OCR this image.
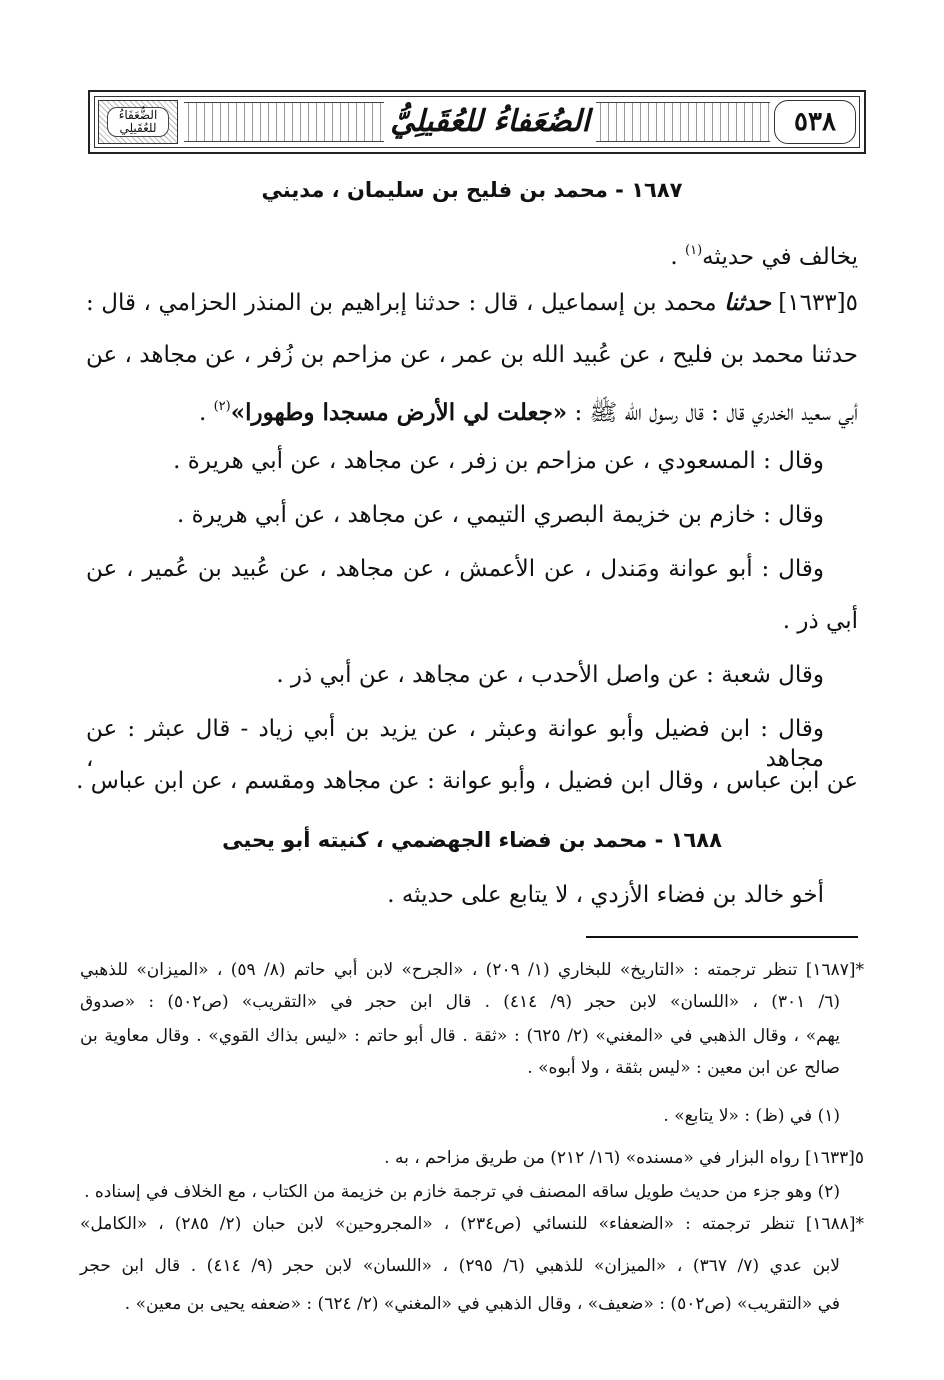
الضُّعَفَاءُ للعُقَيلِي	الضُعَفاءُ للعُقَيلِيُّ	٥٣٨
١٦٨٧ - محمد بن فليح بن سليمان ، مديني
يخالف في حديثه$^{(١)}$ .
٥[١٦٣٣] حدثنا محمد بن إسماعيل ، قال : حدثنا إبراهيم بن المنذر الحزامي ، قال :
حدثنا محمد بن فليح ، عن عُبيد الله بن عمر ، عن مزاحم بن زُفر ، عن مجاهد ، عن
أبي سعيد الخدري قال : قال رسول الله ﷺ : «جعلت لي الأرض مسجدا وطهورا»$^{(٢)}$ .
وقال : المسعودي ، عن مزاحم بن زفر ، عن مجاهد ، عن أبي هريرة .
وقال : خازم بن خزيمة البصري التيمي ، عن مجاهد ، عن أبي هريرة .
وقال : أبو عوانة ومَندل ، عن الأعمش ، عن مجاهد ، عن عُبيد بن عُمير ، عن
أبي ذر .
وقال شعبة : عن واصل الأحدب ، عن مجاهد ، عن أبي ذر .
وقال : ابن فضيل وأبو عوانة وعبثر ، عن يزيد بن أبي زياد - قال عبثر : عن مجاهد ،
عن ابن عباس ، وقال ابن فضيل ، وأبو عوانة : عن مجاهد ومقسم ، عن ابن عباس .
١٦٨٨ - محمد بن فضاء الجهضمي ، كنيته أبو يحيى
أخو خالد بن فضاء الأزدي ، لا يتابع على حديثه .
*[١٦٨٧] تنظر ترجمته : «التاريخ» للبخاري (١/ ٢٠٩) ، «الجرح» لابن أبي حاتم (٨/ ٥٩) ، «الميزان» للذهبي
(٦/ ٣٠١) ، «اللسان» لابن حجر (٩/ ٤١٤) . قال ابن حجر في «التقريب» (ص٥٠٢) : «صدوق
يهم» ، وقال الذهبي في «المغني» (٢/ ٦٢٥) : «ثقة . قال أبو حاتم : «ليس بذاك القوي» . وقال معاوية بن
صالح عن ابن معين : «ليس بثقة ، ولا أبوه» .
(١) في (ظ) : «لا يتابع» .
٥[١٦٣٣] رواه البزار في «مسنده» (١٦/ ٢١٢) من طريق مزاحم ، به .
(٢) وهو جزء من حديث طويل ساقه المصنف في ترجمة خازم بن خزيمة من الكتاب ، مع الخلاف في إسناده .
*[١٦٨٨] تنظر ترجمته : «الضعفاء» للنسائي (ص٢٣٤) ، «المجروحين» لابن حبان (٢/ ٢٨٥) ، «الكامل»
لابن عدي (٧/ ٣٦٧) ، «الميزان» للذهبي (٦/ ٢٩٥) ، «اللسان» لابن حجر (٩/ ٤١٤) . قال ابن حجر
في «التقريب» (ص٥٠٢) : «ضعيف» ، وقال الذهبي في «المغني» (٢/ ٦٢٤) : «ضعفه يحيى بن معين» .
